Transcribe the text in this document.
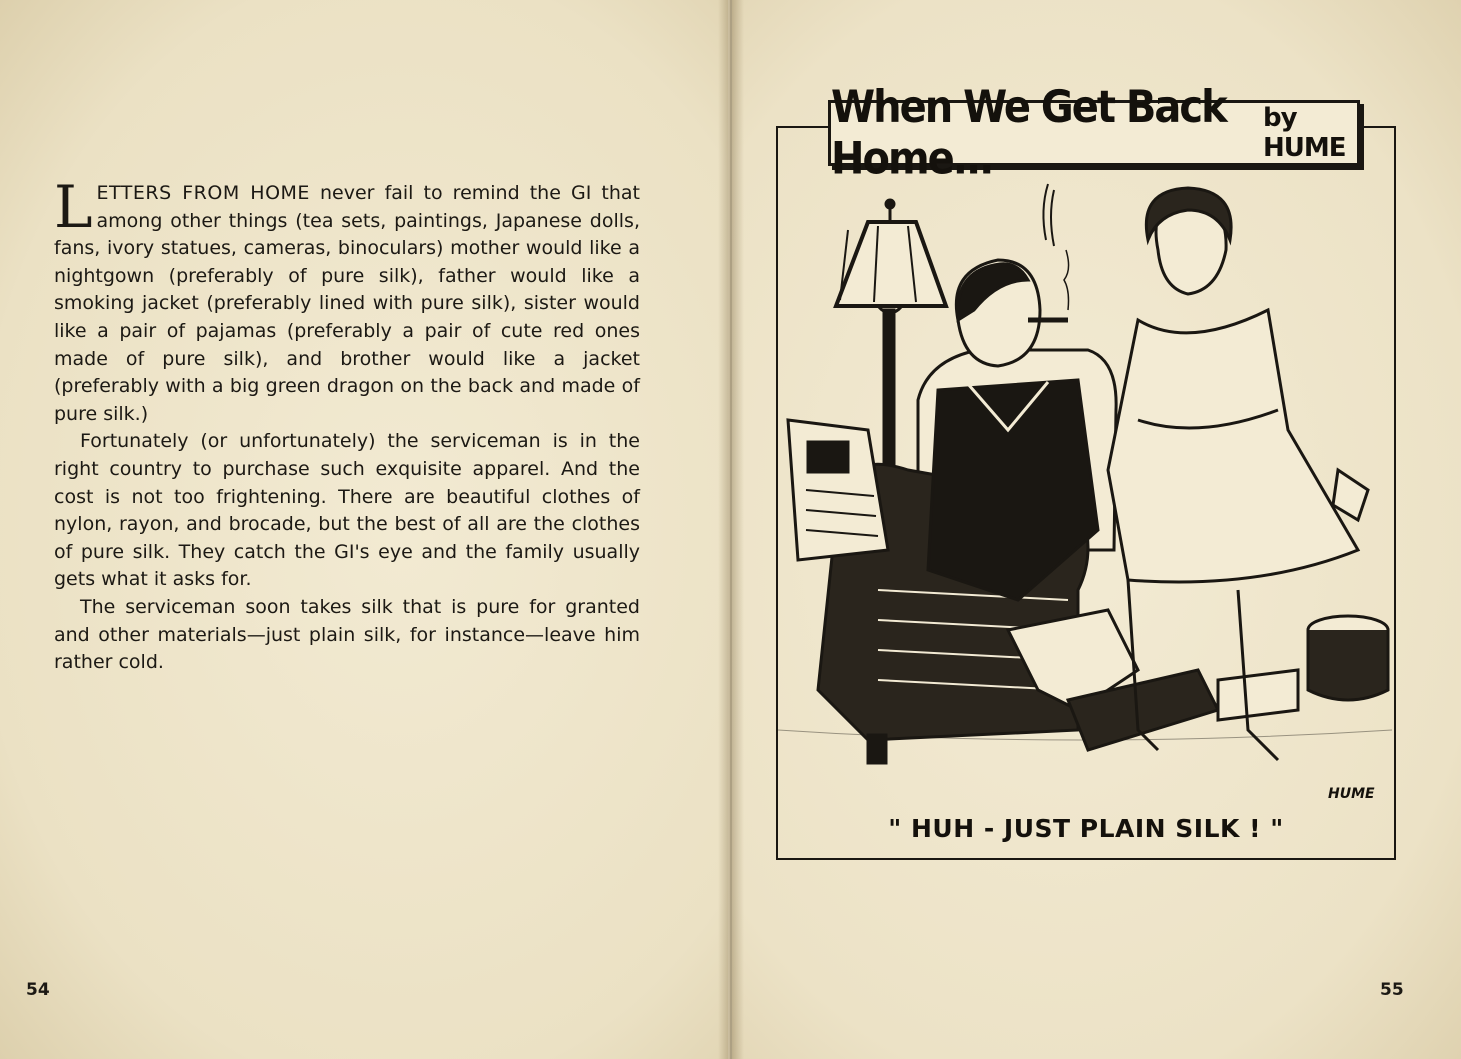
LETTERS FROM HOME never fail to remind the GI that among other things (tea sets, paintings, Japanese dolls, fans, ivory statues, cameras, binoculars) mother would like a nightgown (preferably of pure silk), father would like a smoking jacket (preferably lined with pure silk), sister would like a pair of pajamas (preferably a pair of cute red ones made of pure silk), and brother would like a jacket (preferably with a big green dragon on the back and made of pure silk.)

Fortunately (or unfortunately) the serviceman is in the right country to purchase such exquisite apparel. And the cost is not too frightening. There are beautiful clothes of nylon, rayon, and brocade, but the best of all are the clothes of pure silk. They catch the GI's eye and the family usually gets what it asks for.

The serviceman soon takes silk that is pure for granted and other materials—just plain silk, for instance—leave him rather cold.

54
When We Get Back Home...
by HUME
HUME
" HUH - JUST PLAIN SILK ! "
55
